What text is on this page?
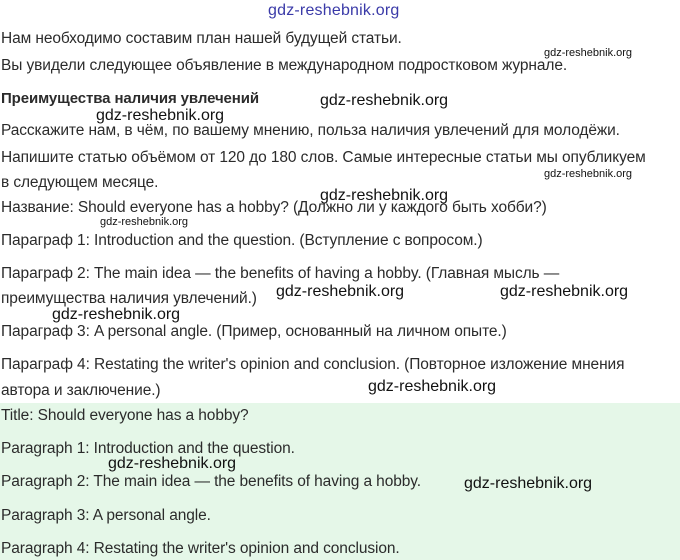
Нам необходимо составим план нашей будущей статьи.
Вы увидели следующее объявление в международном подростковом журнале.
Преимущества наличия увлечений
Расскажите нам, в чём, по вашему мнению, польза наличия увлечений для молодёжи.
Напишите статью объёмом от 120 до 180 слов. Самые интересные статьи мы опубликуем
в следующем месяце.
Название: Should everyone has a hobby? (Должно ли у каждого быть хобби?)
Параграф 1: Introduction and the question. (Вступление с вопросом.)
Параграф 2: The main idea — the benefits of having a hobby. (Главная мысль —
преимущества наличия увлечений.)
Параграф 3: A personal angle. (Пример, основанный на личном опыте.)
Параграф 4: Restating the writer's opinion and conclusion. (Повторное изложение мнения
автора и заключение.)
Title: Should everyone has a hobby?
Paragraph 1: Introduction and the question.
Paragraph 2: The main idea — the benefits of having a hobby.
Paragraph 3: A personal angle.
Paragraph 4: Restating the writer's opinion and conclusion.
gdz-reshebnik.org
gdz-reshebnik.org
gdz-reshebnik.org
gdz-reshebnik.org
gdz-reshebnik.org
gdz-reshebnik.org
gdz-reshebnik.org
gdz-reshebnik.org	gdz-reshebnik.org
gdz-reshebnik.org
gdz-reshebnik.org
gdz-reshebnik.org
gdz-reshebnik.org
